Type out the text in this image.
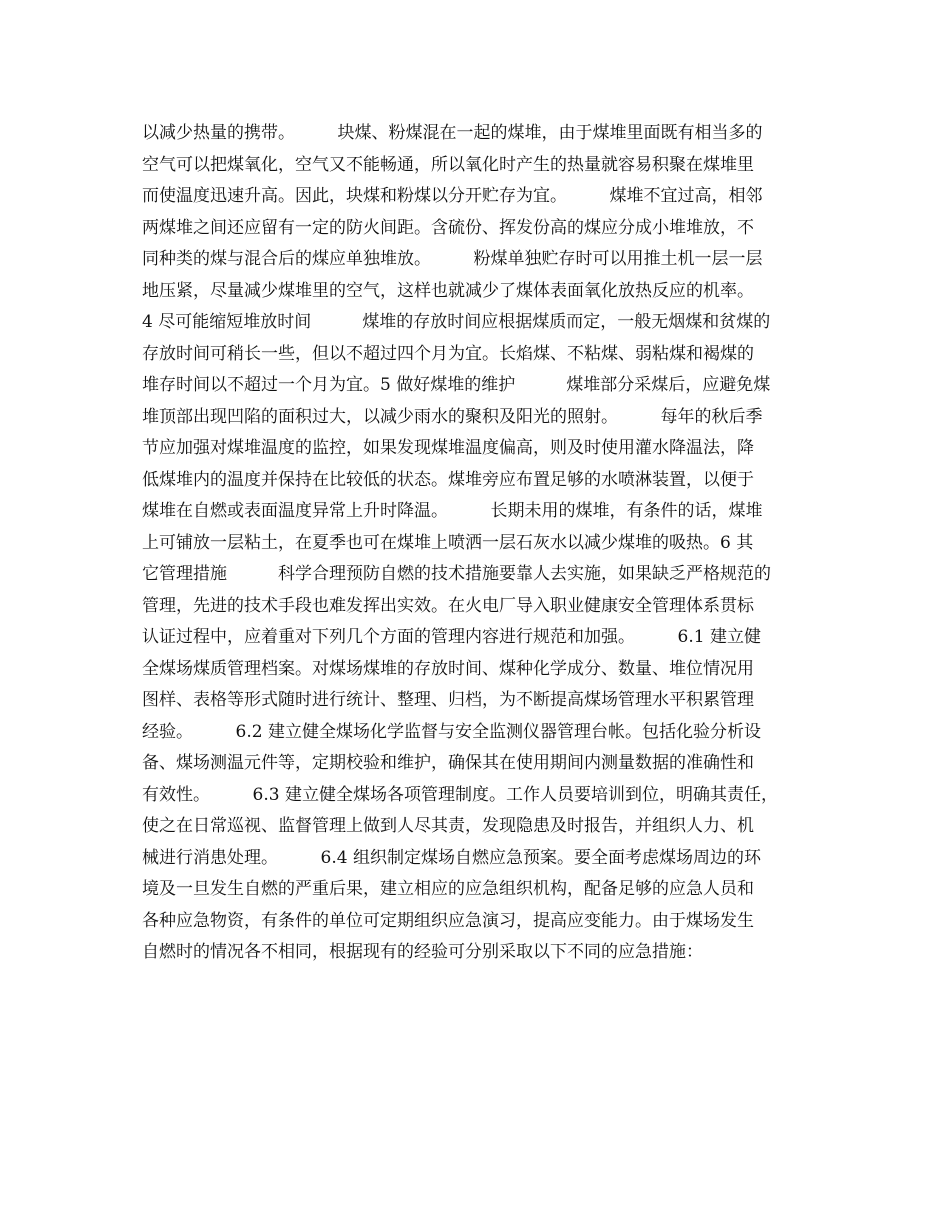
以减少热量的携带。　　　块煤、粉煤混在一起的煤堆，由于煤堆里面既有相当多的
空气可以把煤氧化，空气又不能畅通，所以氧化时产生的热量就容易积聚在煤堆里
而使温度迅速升高。因此，块煤和粉煤以分开贮存为宜。　　　煤堆不宜过高，相邻
两煤堆之间还应留有一定的防火间距。含硫份、挥发份高的煤应分成小堆堆放，不
同种类的煤与混合后的煤应单独堆放。　　　粉煤单独贮存时可以用推土机一层一层
地压紧，尽量减少煤堆里的空气，这样也就减少了煤体表面氧化放热反应的机率。
4 尽可能缩短堆放时间　　　煤堆的存放时间应根据煤质而定，一般无烟煤和贫煤的
存放时间可稍长一些，但以不超过四个月为宜。长焰煤、不粘煤、弱粘煤和褐煤的
堆存时间以不超过一个月为宜。5 做好煤堆的维护　　　煤堆部分采煤后，应避免煤
堆顶部出现凹陷的面积过大，以减少雨水的聚积及阳光的照射。　　　每年的秋后季
节应加强对煤堆温度的监控，如果发现煤堆温度偏高，则及时使用灌水降温法，降
低煤堆内的温度并保持在比较低的状态。煤堆旁应布置足够的水喷淋装置，以便于
煤堆在自燃或表面温度异常上升时降温。　　　长期未用的煤堆，有条件的话，煤堆
上可铺放一层粘土，在夏季也可在煤堆上喷洒一层石灰水以减少煤堆的吸热。6 其
它管理措施　　　科学合理预防自燃的技术措施要靠人去实施，如果缺乏严格规范的
管理，先进的技术手段也难发挥出实效。在火电厂导入职业健康安全管理体系贯标
认证过程中，应着重对下列几个方面的管理内容进行规范和加强。　　　6.1 建立健
全煤场煤质管理档案。对煤场煤堆的存放时间、煤种化学成分、数量、堆位情况用
图样、表格等形式随时进行统计、整理、归档，为不断提高煤场管理水平积累管理
经验。　　　6.2 建立健全煤场化学监督与安全监测仪器管理台帐。包括化验分析设
备、煤场测温元件等，定期校验和维护，确保其在使用期间内测量数据的准确性和
有效性。　　　6.3 建立健全煤场各项管理制度。工作人员要培训到位，明确其责任，
使之在日常巡视、监督管理上做到人尽其责，发现隐患及时报告，并组织人力、机
械进行消患处理。　　　6.4 组织制定煤场自燃应急预案。要全面考虑煤场周边的环
境及一旦发生自燃的严重后果，建立相应的应急组织机构，配备足够的应急人员和
各种应急物资，有条件的单位可定期组织应急演习，提高应变能力。由于煤场发生
自燃时的情况各不相同，根据现有的经验可分别采取以下不同的应急措施：
